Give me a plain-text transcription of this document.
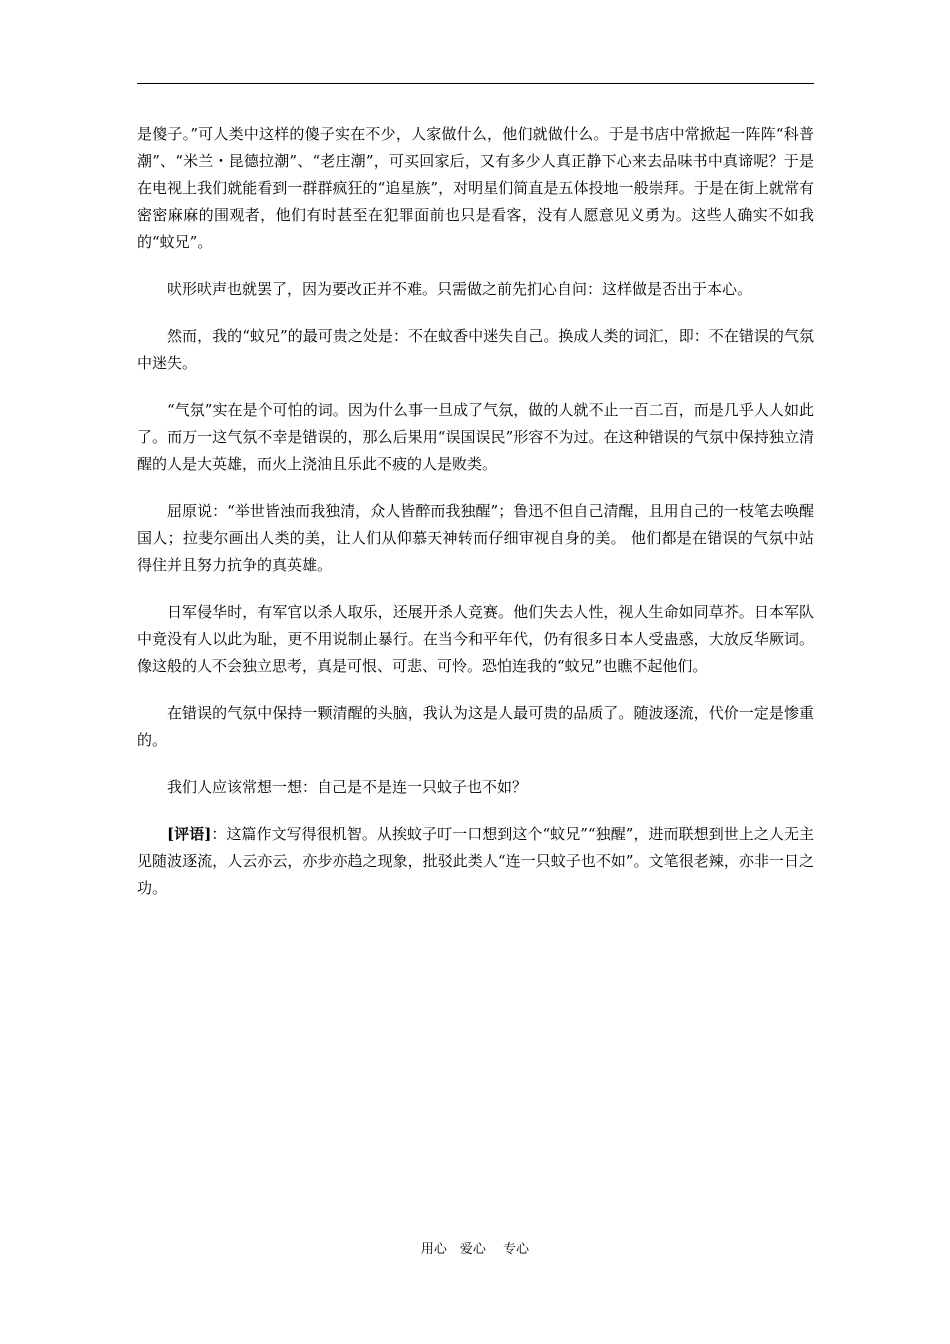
是傻子。”可人类中这样的傻子实在不少，人家做什么，他们就做什么。于是书店中常掀起一阵阵“科普潮”、“米兰・昆德拉潮”、“老庄潮”，可买回家后，又有多少人真正静下心来去品味书中真谛呢？于是在电视上我们就能看到一群群疯狂的“追星族”，对明星们简直是五体投地一般崇拜。于是在街上就常有密密麻麻的围观者，他们有时甚至在犯罪面前也只是看客，没有人愿意见义勇为。这些人确实不如我的“蚊兄”。

吠形吠声也就罢了，因为要改正并不难。只需做之前先扪心自问：这样做是否出于本心。

然而，我的“蚊兄”的最可贵之处是：不在蚊香中迷失自己。换成人类的词汇，即：不在错误的气氛中迷失。

“气氛”实在是个可怕的词。因为什么事一旦成了气氛，做的人就不止一百二百，而是几乎人人如此了。而万一这气氛不幸是错误的，那么后果用“误国误民”形容不为过。在这种错误的气氛中保持独立清醒的人是大英雄，而火上浇油且乐此不疲的人是败类。

屈原说：“举世皆浊而我独清，众人皆醉而我独醒”；鲁迅不但自己清醒，且用自己的一枝笔去唤醒国人；拉斐尔画出人类的美，让人们从仰慕天神转而仔细审视自身的美。 他们都是在错误的气氛中站得住并且努力抗争的真英雄。

日军侵华时，有军官以杀人取乐，还展开杀人竞赛。他们失去人性，视人生命如同草芥。日本军队中竟没有人以此为耻，更不用说制止暴行。在当今和平年代，仍有很多日本人受蛊惑，大放反华厥词。像这般的人不会独立思考，真是可恨、可悲、可怜。恐怕连我的“蚊兄”也瞧不起他们。

在错误的气氛中保持一颗清醒的头脑，我认为这是人最可贵的品质了。随波逐流，代价一定是惨重的。

我们人应该常想一想：自己是不是连一只蚊子也不如？

[评语]：这篇作文写得很机智。从挨蚊子叮一口想到这个“蚊兄”“独醒”，进而联想到世上之人无主见随波逐流，人云亦云，亦步亦趋之现象，批驳此类人“连一只蚊子也不如”。文笔很老辣，亦非一日之功。

用心　爱心　 专心
